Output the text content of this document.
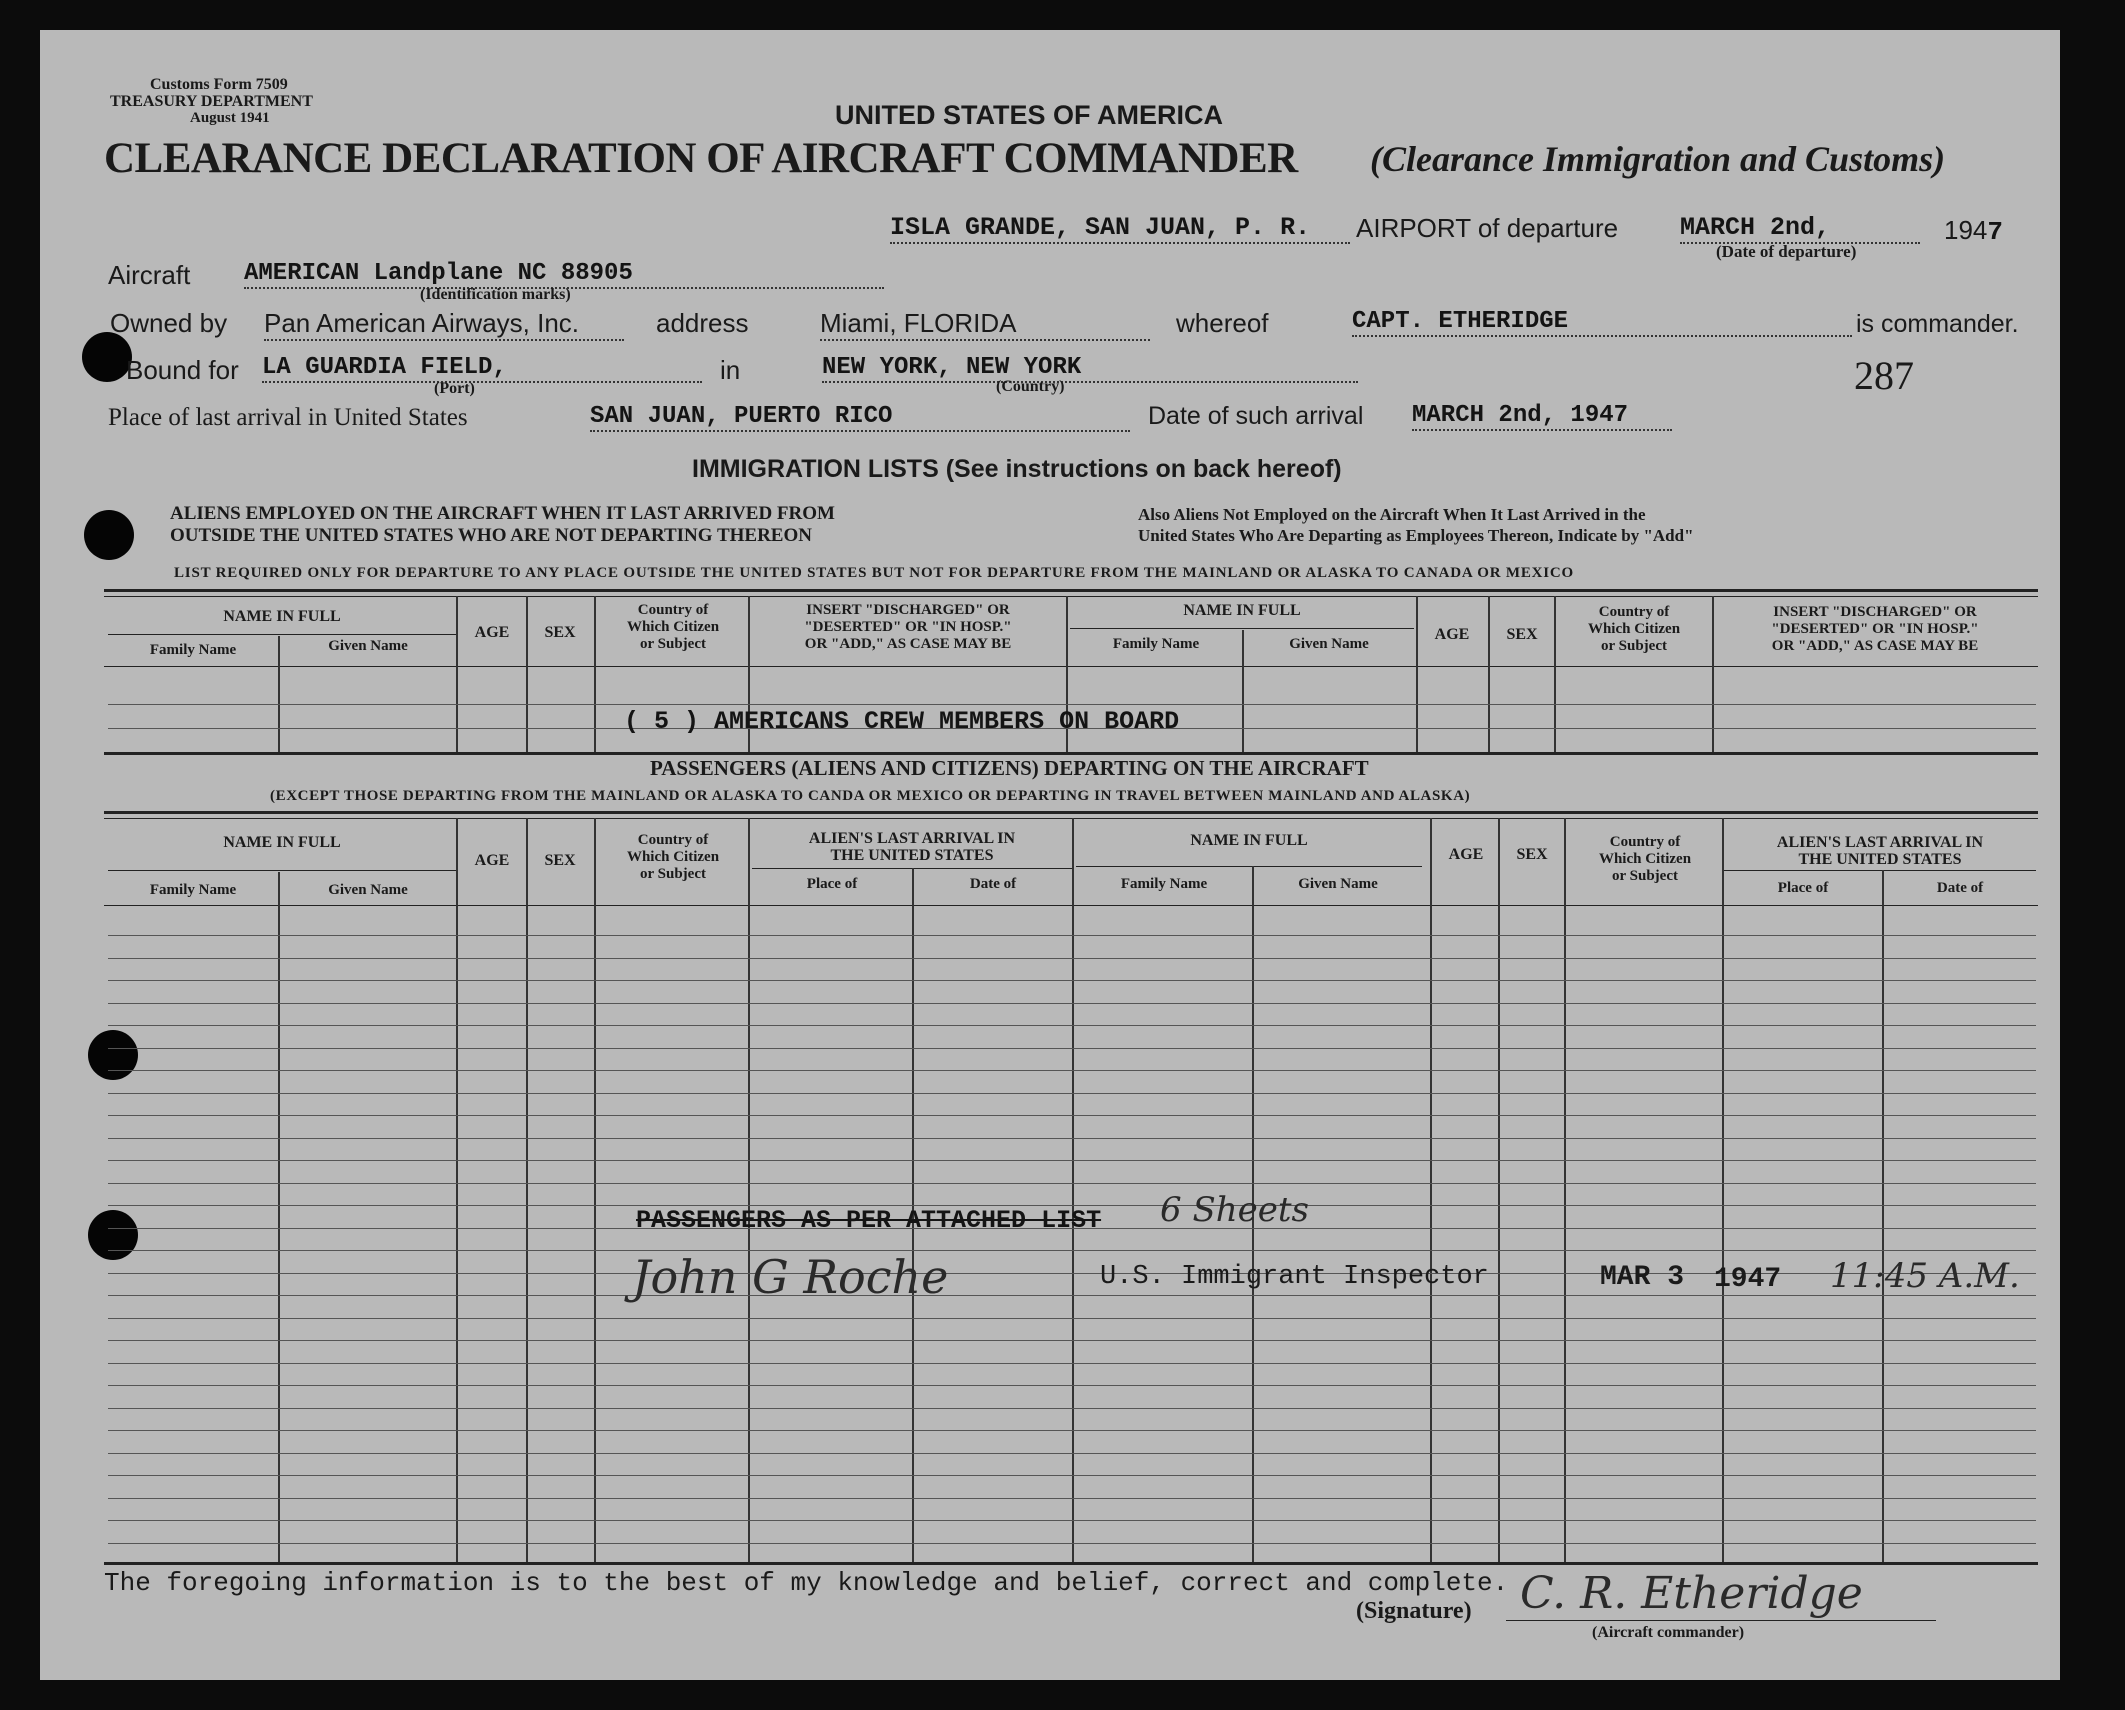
Customs Form 7509
TREASURY DEPARTMENT
August 1941	UNITED STATES OF AMERICA
CLEARANCE DECLARATION OF AIRCRAFT COMMANDER (Clearance Immigration and Customs)
ISLA GRANDE, SAN JUAN, P. R.	AIRPORT of departure MARCH 2nd,	1947
(Date of departure)
Aircraft AMERICAN Landplane NC 88905
(Identification marks)
Owned by Pan American Airways, Inc.	address	Miami, FLORIDA	whereof	CAPT. ETHERIDGE	is commander.
Bound for LA GUARDIA FIELD,
(Port)
in	NEW YORK, NEW YORK
(Country)	287
Place of last arrival in United States	SAN JUAN, PUERTO RICO	Date of such arrival MARCH 2nd, 1947
IMMIGRATION LISTS (See instructions on back hereof)
ALIENS EMPLOYED ON THE AIRCRAFT WHEN IT LAST ARRIVED FROM
OUTSIDE THE UNITED STATES WHO ARE NOT DEPARTING THEREON
Also Aliens Not Employed on the Aircraft When It Last Arrived in the
United States Who Are Departing as Employees Thereon, Indicate by "Add"
LIST REQUIRED ONLY FOR DEPARTURE TO ANY PLACE OUTSIDE THE UNITED STATES BUT NOT FOR DEPARTURE FROM THE MAINLAND OR ALASKA TO CANADA OR MEXICO
NAME IN FULL
Family Name	Given Name
AGE	SEX
Country of
Which Citizen
or Subject
INSERT "DISCHARGED" OR
"DESERTED" OR "IN HOSP."
OR "ADD," AS CASE MAY BE
NAME IN FULL
Family Name	Given Name
AGE	SEX
Country of
Which Citizen
or Subject
INSERT "DISCHARGED" OR
"DESERTED" OR "IN HOSP."
OR "ADD," AS CASE MAY BE
( 5 ) AMERICANS CREW MEMBERS ON BOARD
PASSENGERS (ALIENS AND CITIZENS) DEPARTING ON THE AIRCRAFT
(EXCEPT THOSE DEPARTING FROM THE MAINLAND OR ALASKA TO CANDA OR MEXICO OR DEPARTING IN TRAVEL BETWEEN MAINLAND AND ALASKA)
NAME IN FULL
Family Name	Given Name
AGE	SEX
Country of
Which Citizen
or Subject
ALIEN'S LAST ARRIVAL IN
THE UNITED STATES
Place of	Date of
NAME IN FULL
Family Name	Given Name
AGE	SEX
Country of
Which Citizen
or Subject
ALIEN'S LAST ARRIVAL IN
THE UNITED STATES
Place of	Date of
PASSENGERS AS PER ATTACHED LIST 6 Sheets
John G Roche	U.S. Immigrant Inspector	MAR 3 1947 11:45 A.M.
The foregoing information is to the best of my knowledge and belief, correct and complete.
(Signature) C. R. Etheridge
(Aircraft commander)
